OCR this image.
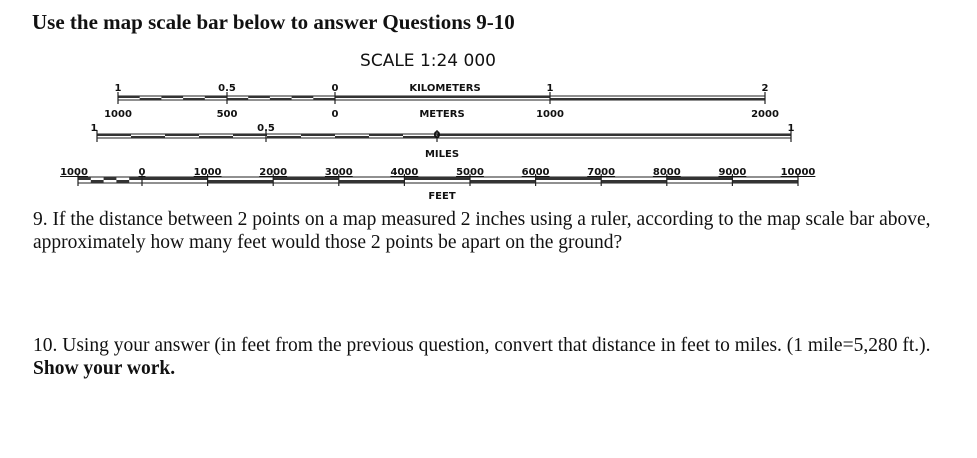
Use the map scale bar below to answer Questions 9-10
SCALE 1:24 000
1	0.5	0	1	2
KILOMETERS
1000	500	0	1000	2000
METERS
1	0.5
0
1
MILES
1000	0	1000	2000	3000	4000	5000	6000	7000	8000	9000	10000
FEET
9. If the distance between 2 points on a map measured 2 inches using a ruler, according to the map scale bar above, approximately how many feet would those 2 points be apart on the ground?
10. Using your answer (in feet from the previous question, convert that distance in feet to miles. (1 mile=5,280 ft.). Show your work.
